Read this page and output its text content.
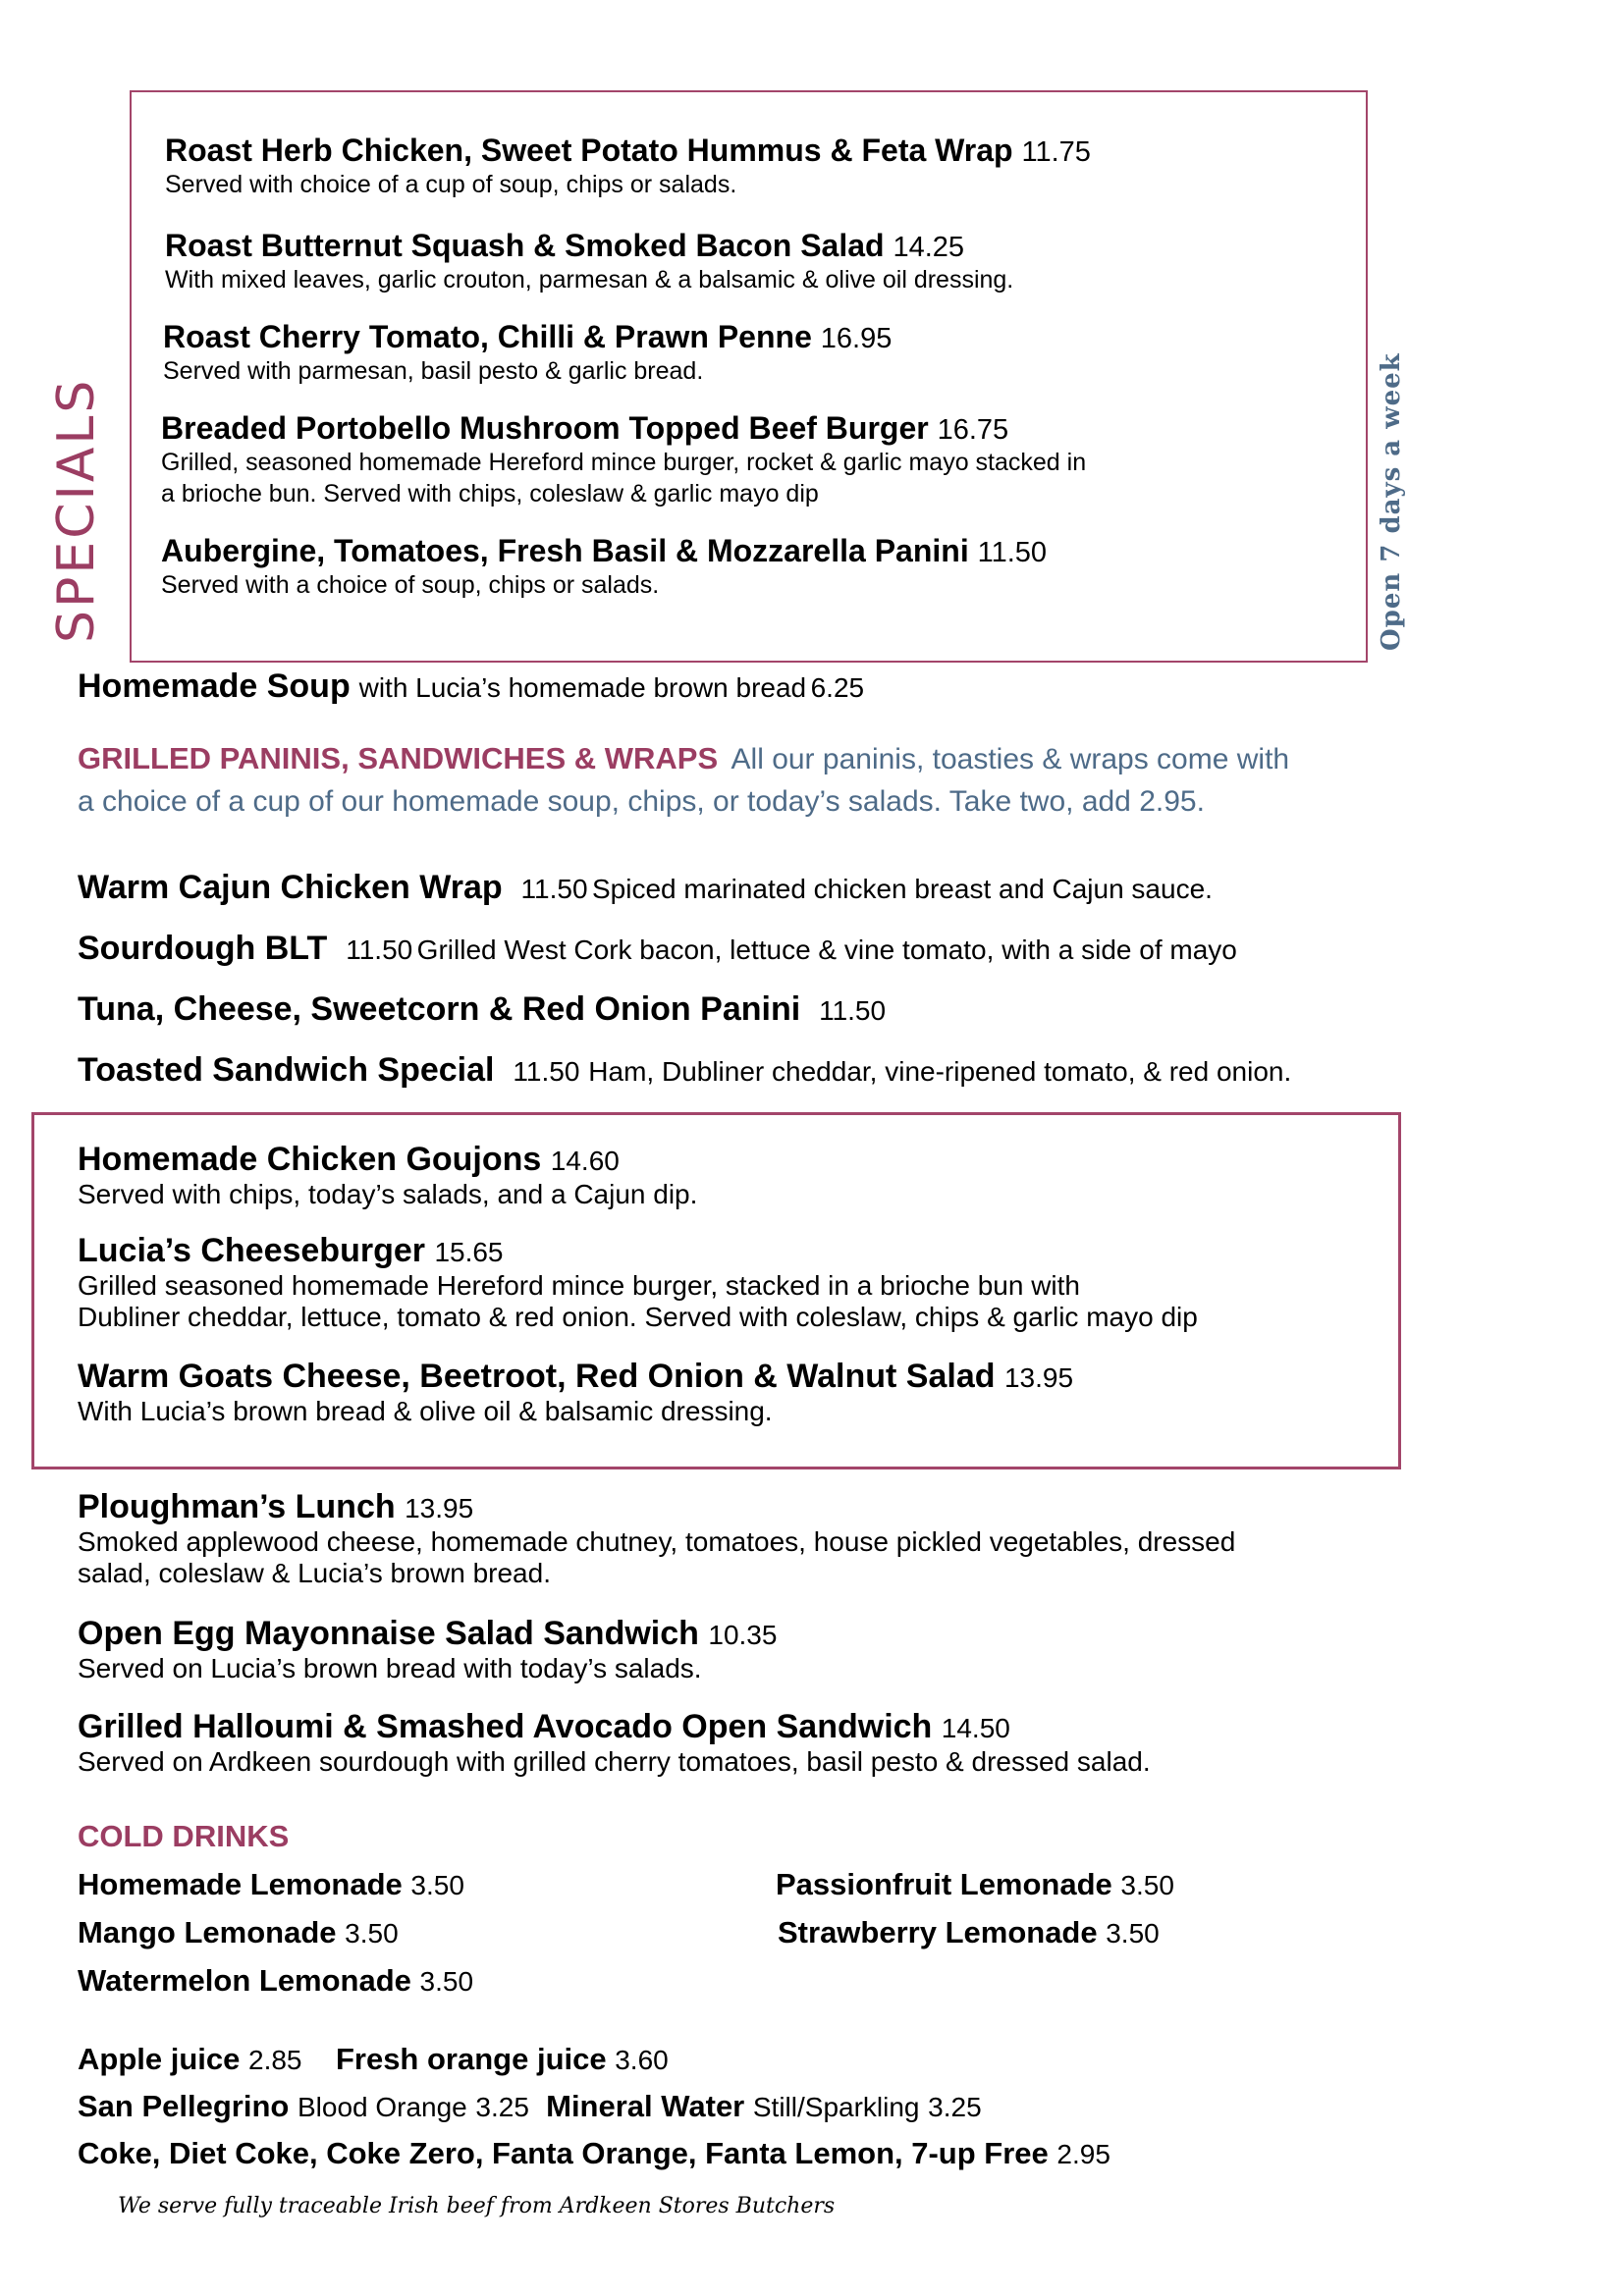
SPECIALS	Open 7 days a week
Roast Herb Chicken, Sweet Potato Hummus & Feta Wrap 11.75
Served with choice of a cup of soup, chips or salads.
Roast Butternut Squash & Smoked Bacon Salad 14.25
With mixed leaves, garlic crouton, parmesan & a balsamic & olive oil dressing.
Roast Cherry Tomato, Chilli & Prawn Penne 16.95
Served with parmesan, basil pesto & garlic bread.
Breaded Portobello Mushroom Topped Beef Burger 16.75
Grilled, seasoned homemade Hereford mince burger, rocket & garlic mayo stacked in
a brioche bun. Served with chips, coleslaw & garlic mayo dip
Aubergine, Tomatoes, Fresh Basil & Mozzarella Panini 11.50
Served with a choice of soup, chips or salads.
Homemade Soup with Lucia’s homemade brown bread 6.25
GRILLED PANINIS, SANDWICHES & WRAPS All our paninis, toasties & wraps come with
a choice of a cup of our homemade soup, chips, or today’s salads. Take two, add 2.95.
Warm Cajun Chicken Wrap 11.50 Spiced marinated chicken breast and Cajun sauce.
Sourdough BLT 11.50 Grilled West Cork bacon, lettuce & vine tomato, with a side of mayo
Tuna, Cheese, Sweetcorn & Red Onion Panini 11.50
Toasted Sandwich Special 11.50 Ham, Dubliner cheddar, vine-ripened tomato, & red onion.
Homemade Chicken Goujons 14.60
Served with chips, today’s salads, and a Cajun dip.
Lucia’s Cheeseburger 15.65
Grilled seasoned homemade Hereford mince burger, stacked in a brioche bun with
Dubliner cheddar, lettuce, tomato & red onion. Served with coleslaw, chips & garlic mayo dip
Warm Goats Cheese, Beetroot, Red Onion & Walnut Salad 13.95
With Lucia’s brown bread & olive oil & balsamic dressing.
Ploughman’s Lunch 13.95
Smoked applewood cheese, homemade chutney, tomatoes, house pickled vegetables, dressed
salad, coleslaw & Lucia’s brown bread.
Open Egg Mayonnaise Salad Sandwich 10.35
Served on Lucia’s brown bread with today’s salads.
Grilled Halloumi & Smashed Avocado Open Sandwich 14.50
Served on Ardkeen sourdough with grilled cherry tomatoes, basil pesto & dressed salad.
COLD DRINKS
Homemade Lemonade 3.50	Passionfruit Lemonade 3.50
Mango Lemonade 3.50	Strawberry Lemonade 3.50
Watermelon Lemonade 3.50
Apple juice 2.85 Fresh orange juice 3.60
San Pellegrino Blood Orange 3.25 Mineral Water Still/Sparkling 3.25
Coke, Diet Coke, Coke Zero, Fanta Orange, Fanta Lemon, 7-up Free 2.95
We serve fully traceable Irish beef from Ardkeen Stores Butchers
